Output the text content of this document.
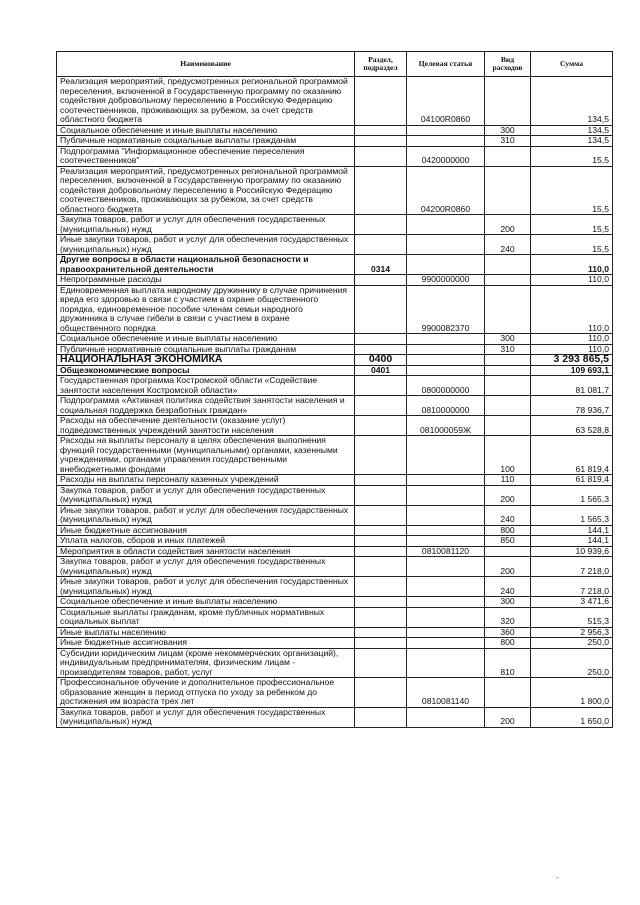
Наименование	Раздел, подраздел	Целевая статья	Вид расходов	Сумма
Реализация мероприятий, предусмотренных региональной программой переселения, включенной в Государственную программу по оказанию содействия добровольному переселению в Российскую Федерацию соотечественников, проживающих за рубежом, за счет средств областного бюджета		04100R0860		134,5
Социальное обеспечение и иные выплаты населению			300	134,5
Публичные нормативные социальные выплаты гражданам			310	134,5
Подпрограмма "Информационное обеспечение переселения соотечественников"		0420000000		15,5
Реализация мероприятий, предусмотренных региональной программой переселения, включенной в Государственную программу по оказанию содействия добровольному переселению в Российскую Федерацию соотечественников, проживающих за рубежом, за счет средств областного бюджета		04200R0860		15,5
Закупка товаров, работ и услуг для обеспечения государственных (муниципальных) нужд			200	15,5
Иные закупки товаров, работ и услуг для обеспечения государственных (муниципальных) нужд			240	15,5
Другие вопросы в области национальной безопасности и правоохранительной деятельности	0314			110,0
Непрограммные расходы		9900000000		110,0
Единовременная выплата народному дружиннику в случае причинения вреда его здоровью в связи с участием в охране общественного порядка, единовременное пособие членам семьи народного дружинника в случае гибели в связи с участием в охране общественного порядка		9900082370		110,0
Социальное обеспечение и иные выплаты населению			300	110,0
Публичные нормативные социальные выплаты гражданам			310	110,0
НАЦИОНАЛЬНАЯ ЭКОНОМИКА	0400			3 293 865,5
Общеэкономические вопросы	0401			109 693,1
Государственная программа Костромской области «Содействие занятости населения Костромской области»		0800000000		81 081,7
Подпрограмма «Активная политика содействия занятости населения и социальная поддержка безработных граждан»		0810000000		78 936,7
Расходы на обеспечение деятельности (оказание услуг) подведомственных учреждений занятости населения		081000059Ж		63 528,8
Расходы на выплаты персоналу в целях обеспечения выполнения функций государственными (муниципальными) органами, казенными учреждениями, органами управления государственными внебюджетными фондами			100	61 819,4
Расходы на выплаты персоналу казенных учреждений			110	61 819,4
Закупка товаров, работ и услуг для обеспечения государственных (муниципальных) нужд			200	1 565,3
Иные закупки товаров, работ и услуг для обеспечения государственных (муниципальных) нужд			240	1 565,3
Иные бюджетные ассигнования			800	144,1
Уплата налогов, сборов и иных платежей			850	144,1
Мероприятия в области содействия занятости населения		0810081120		10 939,6
Закупка товаров, работ и услуг для обеспечения государственных (муниципальных) нужд			200	7 218,0
Иные закупки товаров, работ и услуг для обеспечения государственных (муниципальных) нужд			240	7 218,0
Социальное обеспечение и иные выплаты населению			300	3 471,6
Социальные выплаты гражданам, кроме публичных нормативных социальных выплат			320	515,3
Иные выплаты населению			360	2 956,3
Иные бюджетные ассигнования			800	250,0
Субсидии юридическим лицам (кроме некоммерческих организаций), индивидуальным предпринимателям, физическим лицам - производителям товаров, работ, услуг			810	250,0
Профессиональное обучение и дополнительное профессиональное образование женщин в период отпуска по уходу за ребенком до достижения им возраста трех лет		0810081140		1 800,0
Закупка товаров, работ и услуг для обеспечения государственных (муниципальных) нужд			200	1 650,0
-
